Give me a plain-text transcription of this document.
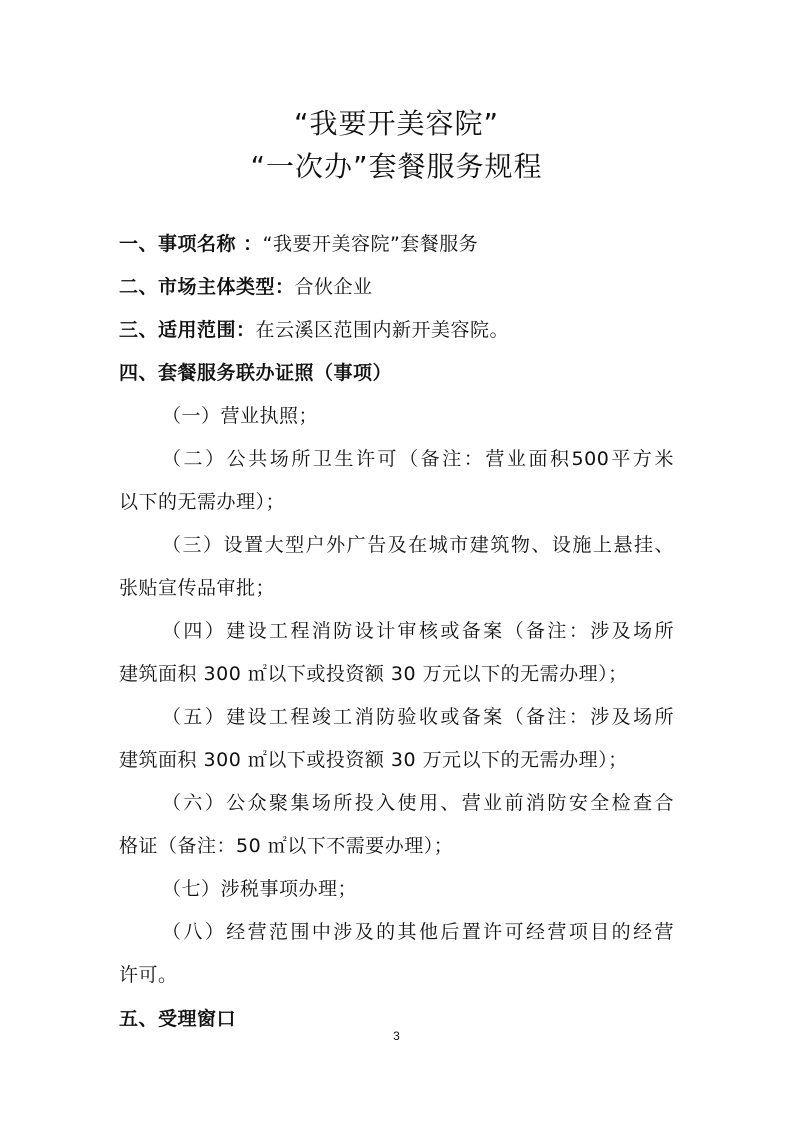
“我要开美容院”
“一次办”套餐服务规程
一、事项名称 ：“我要开美容院”套餐服务
二、市场主体类型：合伙企业
三、适用范围：在云溪区范围内新开美容院。
四、套餐服务联办证照（事项）
（一）营业执照；
（二）公共场所卫生许可（备注：营业面积500平方米
以下的无需办理）；
（三）设置大型户外广告及在城市建筑物、设施上悬挂、
张贴宣传品审批；
（四）建设工程消防设计审核或备案（备注：涉及场所
建筑面积 300 ㎡以下或投资额 30 万元以下的无需办理）；
（五）建设工程竣工消防验收或备案（备注：涉及场所
建筑面积 300 ㎡以下或投资额 30 万元以下的无需办理）；
（六）公众聚集场所投入使用、营业前消防安全检查合
格证（备注：50 ㎡以下不需要办理）；
（七）涉税事项办理；
（八）经营范围中涉及的其他后置许可经营项目的经营
许可。
五、受理窗口
3
